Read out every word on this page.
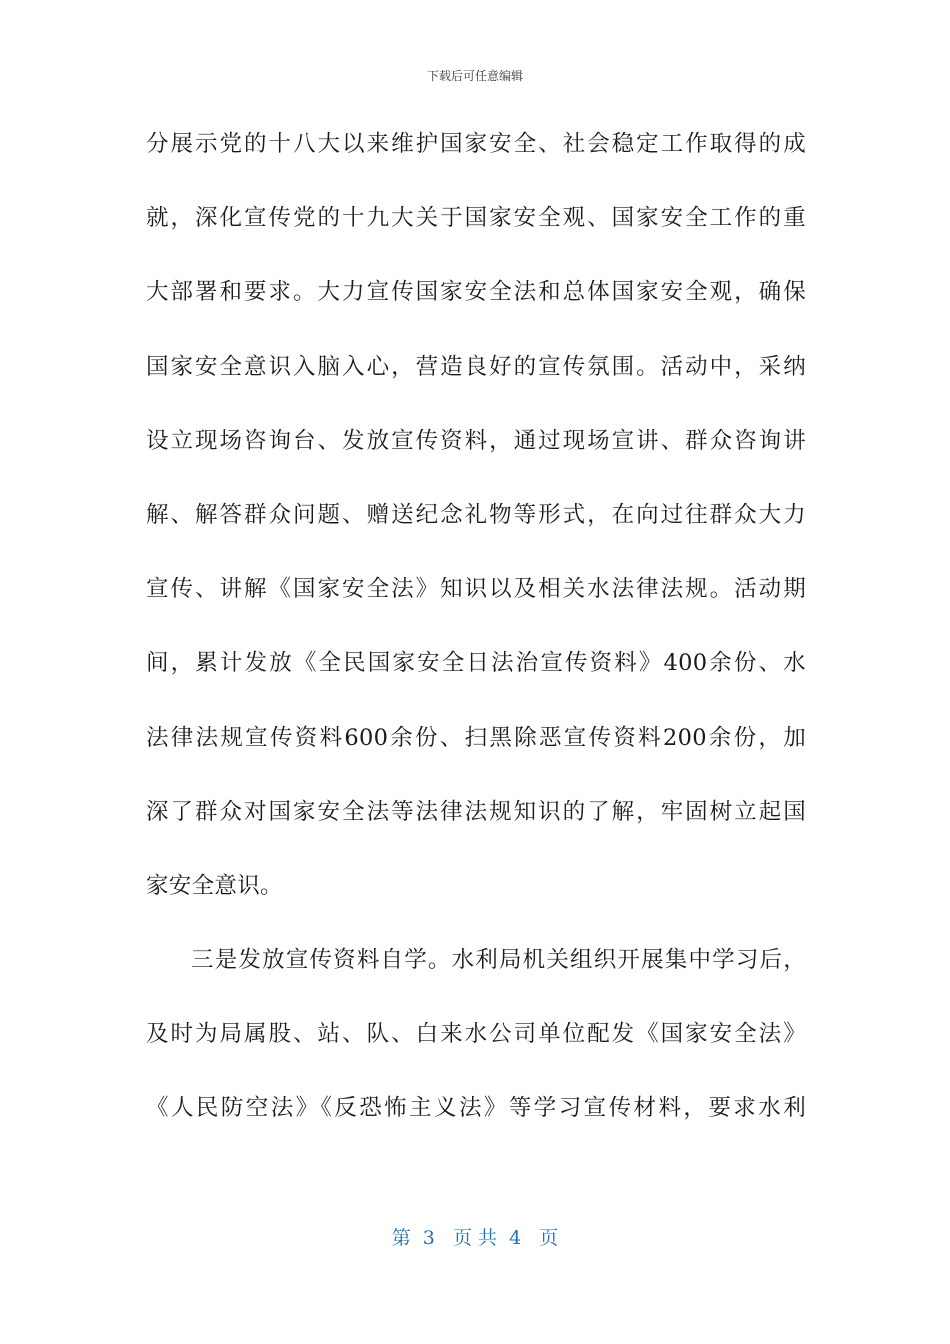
下载后可任意编辑
分展示党的十八大以来维护国家安全、社会稳定工作取得的成
就，深化宣传党的十九大关于国家安全观、国家安全工作的重
大部署和要求。大力宣传国家安全法和总体国家安全观，确保
国家安全意识入脑入心，营造良好的宣传氛围。活动中，采纳
设立现场咨询台、发放宣传资料，通过现场宣讲、群众咨询讲
解、解答群众问题、赠送纪念礼物等形式，在向过往群众大力
宣传、讲解《国家安全法》知识以及相关水法律法规。活动期
间，累计发放《全民国家安全日法治宣传资料》400余份、水
法律法规宣传资料600余份、扫黑除恶宣传资料200余份，加
深了群众对国家安全法等法律法规知识的了解，牢固树立起国
家安全意识。
三是发放宣传资料自学。水利局机关组织开展集中学习后，
及时为局属股、站、队、白来水公司单位配发《国家安全法》
《人民防空法》《反恐怖主义法》等学习宣传材料，要求水利
第  3   页 共  4   页
